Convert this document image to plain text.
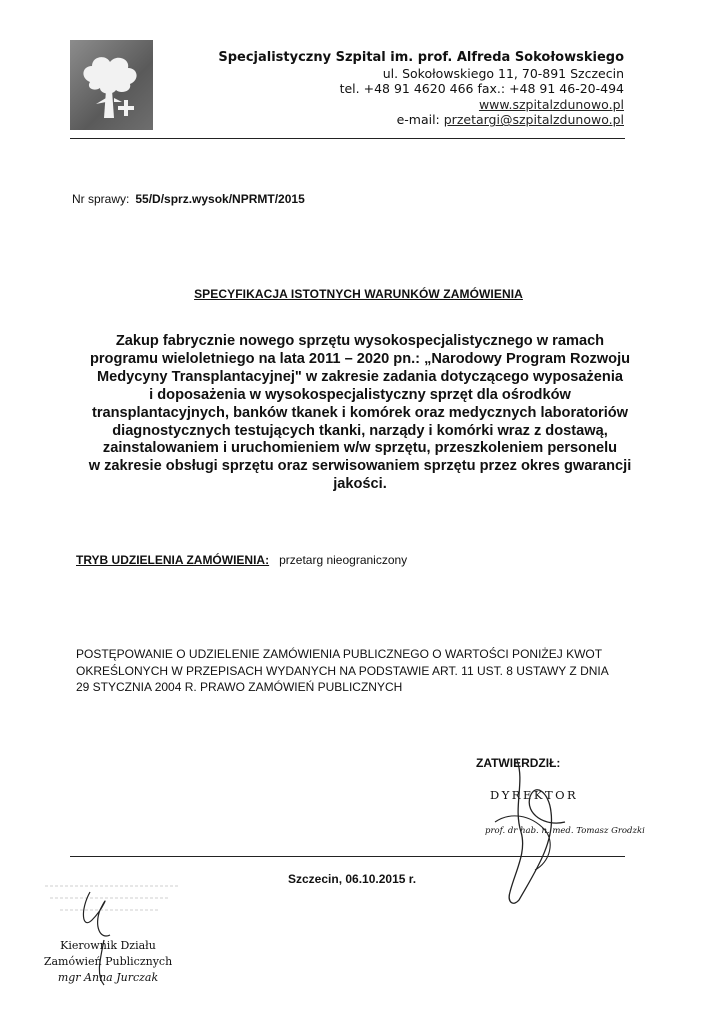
Specjalistyczny Szpital im. prof. Alfreda Sokołowskiego
ul. Sokołowskiego 11, 70-891 Szczecin
tel. +48 91 4620 466 fax.: +48 91 46-20-494
www.szpitalzdunowo.pl
e-mail: przetargi@szpitalzdunowo.pl
Nr sprawy: 55/D/sprz.wysok/NPRMT/2015
SPECYFIKACJA ISTOTNYCH WARUNKÓW ZAMÓWIENIA
Zakup fabrycznie nowego sprzętu wysokospecjalistycznego w ramach
programu wieloletniego na lata 2011 – 2020 pn.: „Narodowy Program Rozwoju
Medycyny Transplantacyjnej" w zakresie zadania dotyczącego wyposażenia
i doposażenia w wysokospecjalistyczny sprzęt dla ośrodków
transplantacyjnych, banków tkanek i komórek oraz medycznych laboratoriów
diagnostycznych testujących tkanki, narządy i komórki wraz z dostawą,
zainstalowaniem i uruchomieniem w/w sprzętu, przeszkoleniem personelu
w zakresie obsługi sprzętu oraz serwisowaniem sprzętu przez okres gwarancji
jakości.
TRYB UDZIELENIA ZAMÓWIENIA: przetarg nieograniczony
POSTĘPOWANIE O UDZIELENIE ZAMÓWIENIA PUBLICZNEGO O WARTOŚCI PONIŻEJ KWOT
OKREŚLONYCH W PRZEPISACH WYDANYCH NA PODSTAWIE ART. 11 UST. 8 USTAWY Z DNIA
29 STYCZNIA 2004 R. PRAWO ZAMÓWIEŃ PUBLICZNYCH
ZATWIERDZIŁ:
DYREKTOR
prof. dr hab. n. med. Tomasz Grodzki
Szczecin, 06.10.2015 r.
Kierownik Działu
Zamówień Publicznych
mgr Anna Jurczak
